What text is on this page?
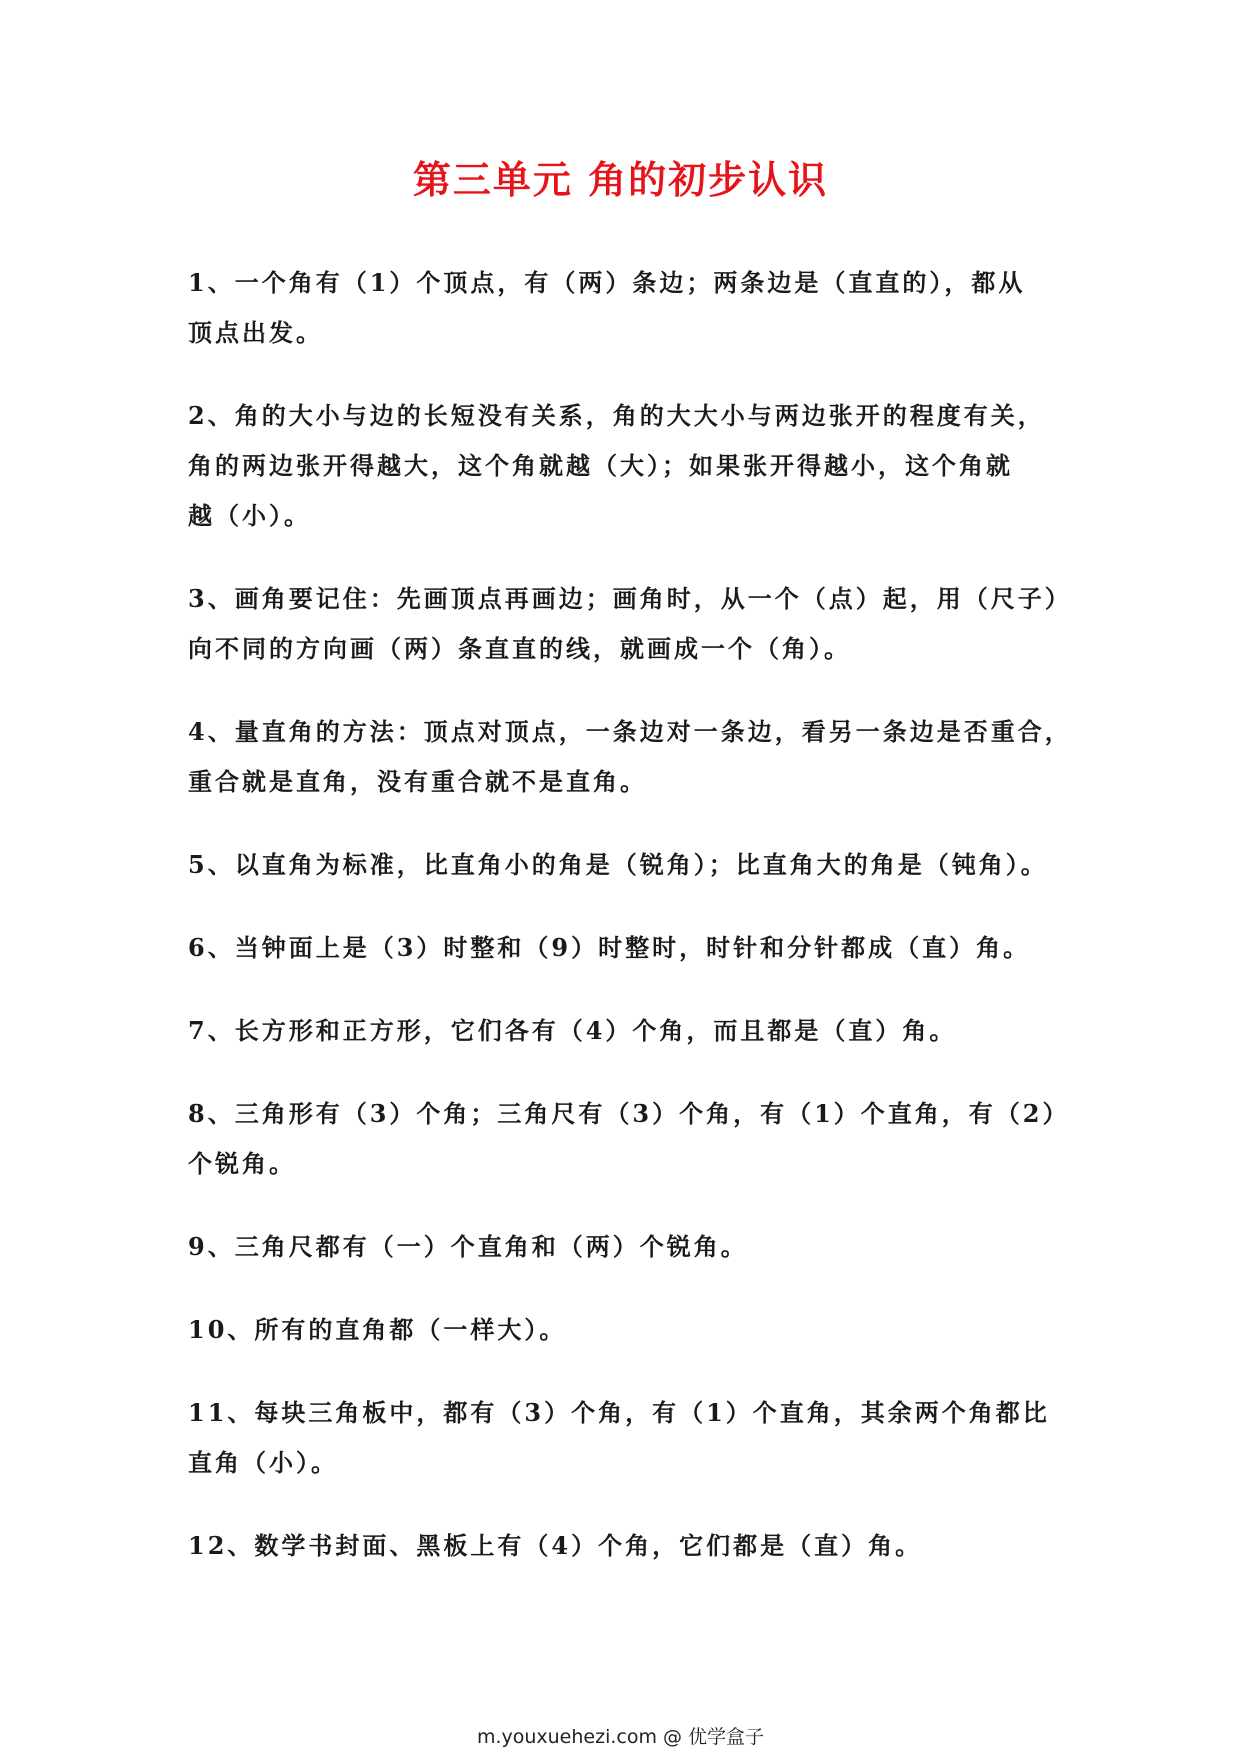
第三单元 角的初步认识
1、一个角有（1）个顶点，有（两）条边；两条边是（直直的），都从
顶点出发。
2、角的大小与边的长短没有关系，角的大大小与两边张开的程度有关，
角的两边张开得越大，这个角就越（大）；如果张开得越小，这个角就
越（小）。
3、画角要记住：先画顶点再画边；画角时，从一个（点）起，用（尺子）
向不同的方向画（两）条直直的线，就画成一个（角）。
4、量直角的方法：顶点对顶点，一条边对一条边，看另一条边是否重合，
重合就是直角，没有重合就不是直角。
5、以直角为标准，比直角小的角是（锐角）；比直角大的角是（钝角）。
6、当钟面上是（3）时整和（9）时整时，时针和分针都成（直）角。
7、长方形和正方形，它们各有（4）个角，而且都是（直）角。
8、三角形有（3）个角；三角尺有（3）个角，有（1）个直角，有（2）
个锐角。
9、三角尺都有（一）个直角和（两）个锐角。
10、所有的直角都（一样大）。
11、每块三角板中，都有（3）个角，有（1）个直角，其余两个角都比
直角（小）。
12、数学书封面、黑板上有（4）个角，它们都是（直）角。
m.youxuehezi.com @ 优学盒子
